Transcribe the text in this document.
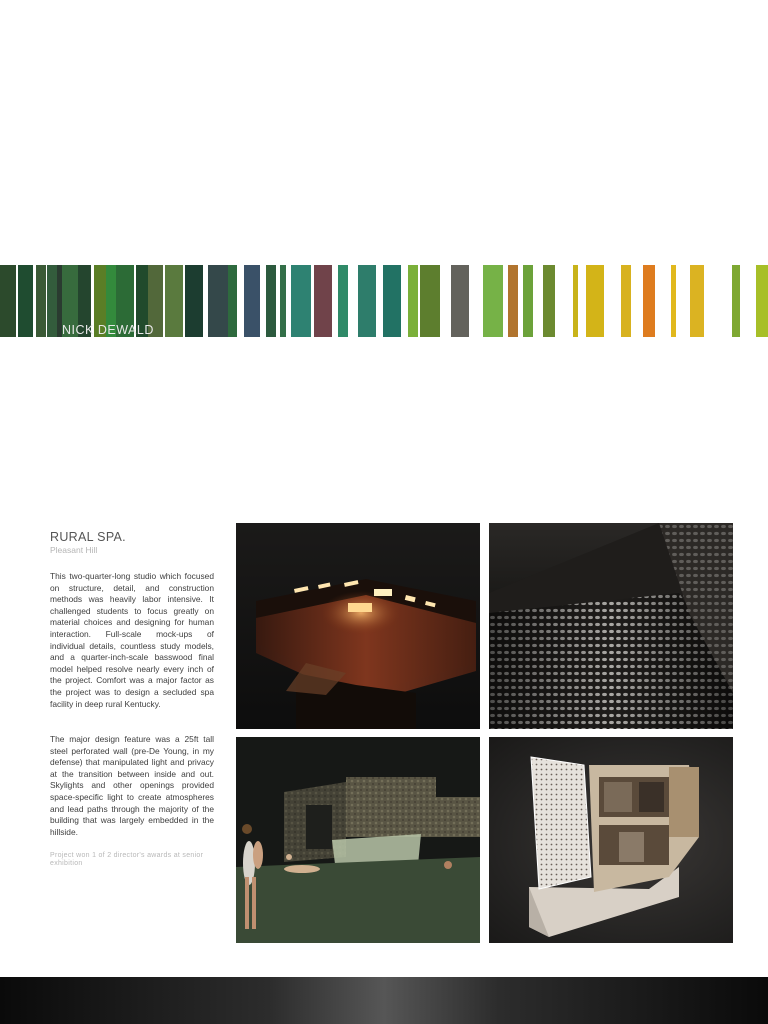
NICK DEWALD
RURAL SPA.
Pleasant Hill

This two-quarter-long studio which focused on structure, detail, and construction methods was heavily labor intensive. It challenged students to focus greatly on material choices and designing for human interaction. Full-scale mock-ups of individual details, countless study models, and a quarter-inch-scale basswood final model helped resolve nearly every inch of the project. Comfort was a major factor as the project was to design a secluded spa facility in deep rural Kentucky.

The major design feature was a 25ft tall steel perforated wall (pre-De Young, in my defense) that manipulated light and privacy at the transition between inside and out. Skylights and other openings provided space-specific light to create atmospheres and lead paths through the majority of the building that was largely embedded in the hillside.

Project won 1 of 2 director's awards at senior exhibition
